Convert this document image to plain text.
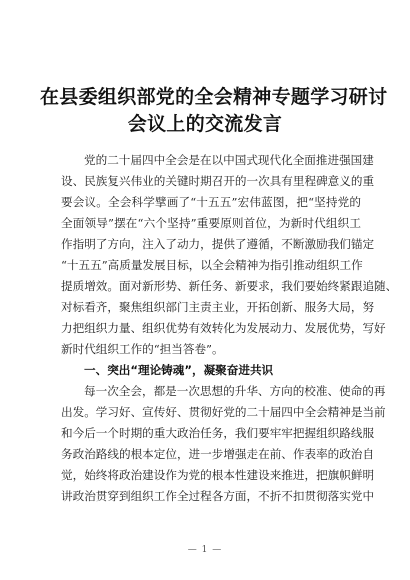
在县委组织部党的全会精神专题学习研讨
会议上的交流发言

党的二十届四中全会是在以中国式现代化全面推进强国建
设、民族复兴伟业的关键时期召开的一次具有里程碑意义的重
要会议。全会科学擘画了“十五五”宏伟蓝图，把“坚持党的
全面领导”摆在“六个坚持”重要原则首位，为新时代组织工
作指明了方向，注入了动力，提供了遵循，不断激励我们锚定
“十五五”高质量发展目标，以全会精神为指引推动组织工作
提质增效。面对新形势、新任务、新要求，我们要始终紧跟追随、
对标看齐，聚焦组织部门主责主业，开拓创新、服务大局，努
力把组织力量、组织优势有效转化为发展动力、发展优势，写好
新时代组织工作的“担当答卷”。

一、突出“理论铸魂”，凝聚奋进共识

每一次全会，都是一次思想的升华、方向的校准、使命的再
出发。学习好、宣传好、贯彻好党的二十届四中全会精神是当前
和今后一个时期的重大政治任务，我们要牢牢把握组织路线服
务政治路线的根本定位，进一步增强走在前、作表率的政治自
觉，始终将政治建设作为党的根本性建设来推进，把旗帜鲜明
讲政治贯穿到组织工作全过程各方面，不折不扣贯彻落实党中

— 1 —
